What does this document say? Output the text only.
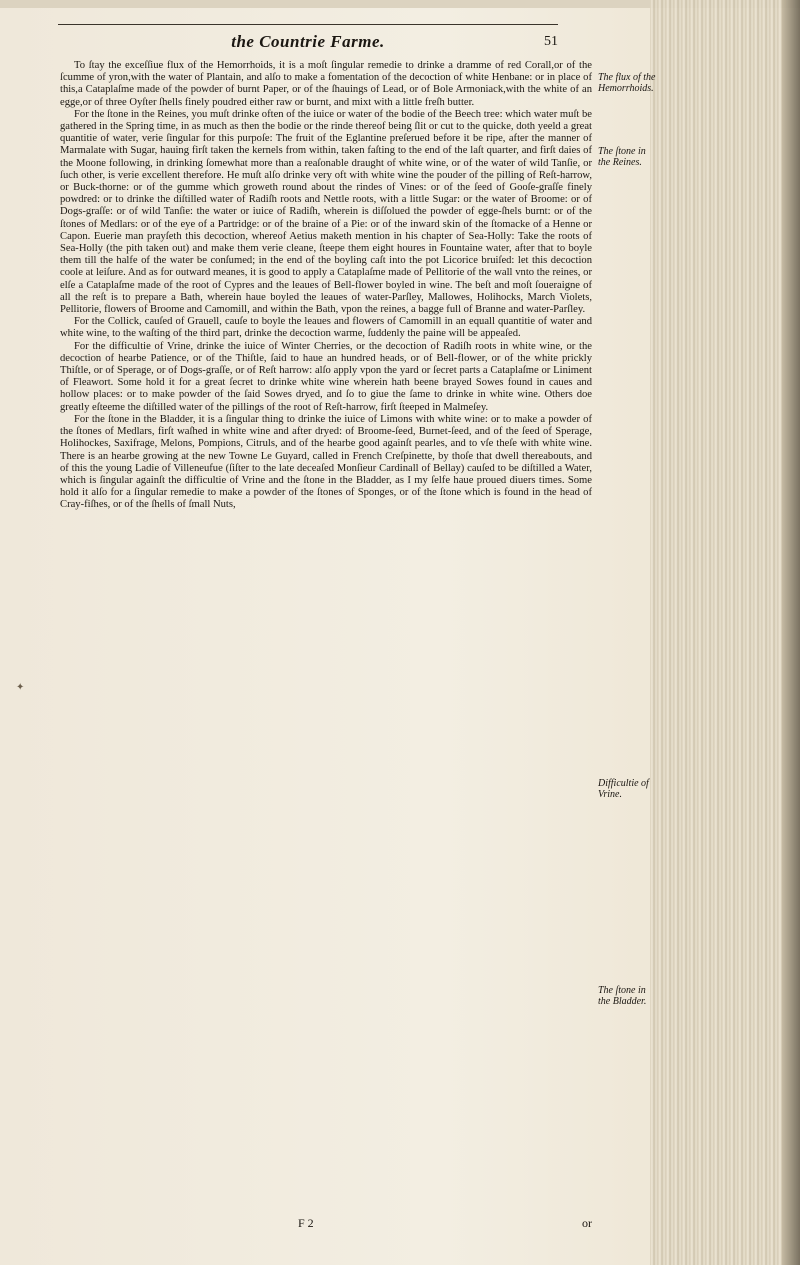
the Countrie Farme.	51

To ſtay the exceſſiue flux of the Hemorrhoids, it is a moſt ſingular remedie to drinke a dramme of red Corall,or of the ſcumme of yron,with the water of Plantain, and alſo to make a fomentation of the decoction of white Henbane: or in place of this,a Cataplaſme made of the powder of burnt Paper, or of the ſhauings of Lead, or of Bole Armoniack,with the white of an egge,or of three Oyſter ſhells finely poudred either raw or burnt, and mixt with a little freſh butter.

For the ſtone in the Reines, you muſt drinke often of the iuice or water of the bodie of the Beech tree: which water muſt be gathered in the Spring time, in as much as then the bodie or the rinde thereof being ſlit or cut to the quicke, doth yeeld a great quantitie of water, verie ſingular for this purpoſe: The fruit of the Eglantine preſerued before it be ripe, after the manner of Marmalate with Sugar, hauing firſt taken the kernels from within, taken faſting to the end of the laſt quarter, and firſt daies of the Moone following, in drinking ſomewhat more than a reaſonable draught of white wine, or of the water of wild Tanſie, or ſuch other, is verie excellent therefore. He muſt alſo drinke very oft with white wine the pouder of the pilling of Reſt-harrow, or Buck-thorne: or of the gumme which groweth round about the rindes of Vines: or of the ſeed of Gooſe-graſſe finely powdred: or to drinke the diſtilled water of Radiſh roots and Nettle roots, with a little Sugar: or the water of Broome: or of Dogs-graſſe: or of wild Tanſie: the water or iuice of Radiſh, wherein is diſſolued the powder of egge-ſhels burnt: or of the ſtones of Medlars: or of the eye of a Partridge: or of the braine of a Pie: or of the inward skin of the ſtomacke of a Henne or Capon. Euerie man prayſeth this decoction, whereof Aetius maketh mention in his chapter of Sea-Holly: Take the roots of Sea-Holly (the pith taken out) and make them verie cleane, ſteepe them eight houres in Fountaine water, after that to boyle them till the halfe of the water be conſumed; in the end of the boyling caſt into the pot Licorice bruiſed: let this decoction coole at leiſure. And as for outward meanes, it is good to apply a Cataplaſme made of Pellitorie of the wall vnto the reines, or elſe a Cataplaſme made of the root of Cypres and the leaues of Bell-flower boyled in wine. The beſt and moſt ſoueraigne of all the reſt is to prepare a Bath, wherein haue boyled the leaues of water-Parſley, Mallowes, Holihocks, March Violets, Pellitorie, flowers of Broome and Camomill, and within the Bath, vpon the reines, a bagge full of Branne and water-Parſley.

For the Collick, cauſed of Grauell, cauſe to boyle the leaues and flowers of Camomill in an equall quantitie of water and white wine, to the waſting of the third part, drinke the decoction warme, ſuddenly the paine will be appeaſed.

For the difficultie of Vrine, drinke the iuice of Winter Cherries, or the decoction of Radiſh roots in white wine, or the decoction of hearbe Patience, or of the Thiſtle, ſaid to haue an hundred heads, or of Bell-flower, or of the white prickly Thiſtle, or of Sperage, or of Dogs-graſſe, or of Reſt harrow: alſo apply vpon the yard or ſecret parts a Cataplaſme or Liniment of Fleawort. Some hold it for a great ſecret to drinke white wine wherein hath beene brayed Sowes found in caues and hollow places: or to make powder of the ſaid Sowes dryed, and ſo to giue the ſame to drinke in white wine. Others doe greatly eſteeme the diſtilled water of the pillings of the root of Reſt-harrow, firſt ſteeped in Malmeſey.

For the ſtone in the Bladder, it is a ſingular thing to drinke the iuice of Limons with white wine: or to make a powder of the ſtones of Medlars, firſt waſhed in white wine and after dryed: of Broome-ſeed, Burnet-ſeed, and of the ſeed of Sperage, Holihockes, Saxifrage, Melons, Pompions, Citruls, and of the hearbe good againſt pearles, and to vſe theſe with white wine. There is an hearbe growing at the new Towne Le Guyard, called in French Creſpinette, by thoſe that dwell thereabouts, and of this the young Ladie of Villeneufue (ſiſter to the late deceaſed Monſieur Cardinall of Bellay) cauſed to be diſtilled a Water, which is ſingular againſt the difficultie of Vrine and the ſtone in the Bladder, as I my ſelfe haue proued diuers times. Some hold it alſo for a ſingular remedie to make a powder of the ſtones of Sponges, or of the ſtone which is found in the head of Cray-fiſhes, or of the ſhells of ſmall Nuts,

The flux of the Hemorrhoids.
The ſtone in the Reines.
Difficultie of Vrine.
The ſtone in the Bladder.
✦
F 2	or
